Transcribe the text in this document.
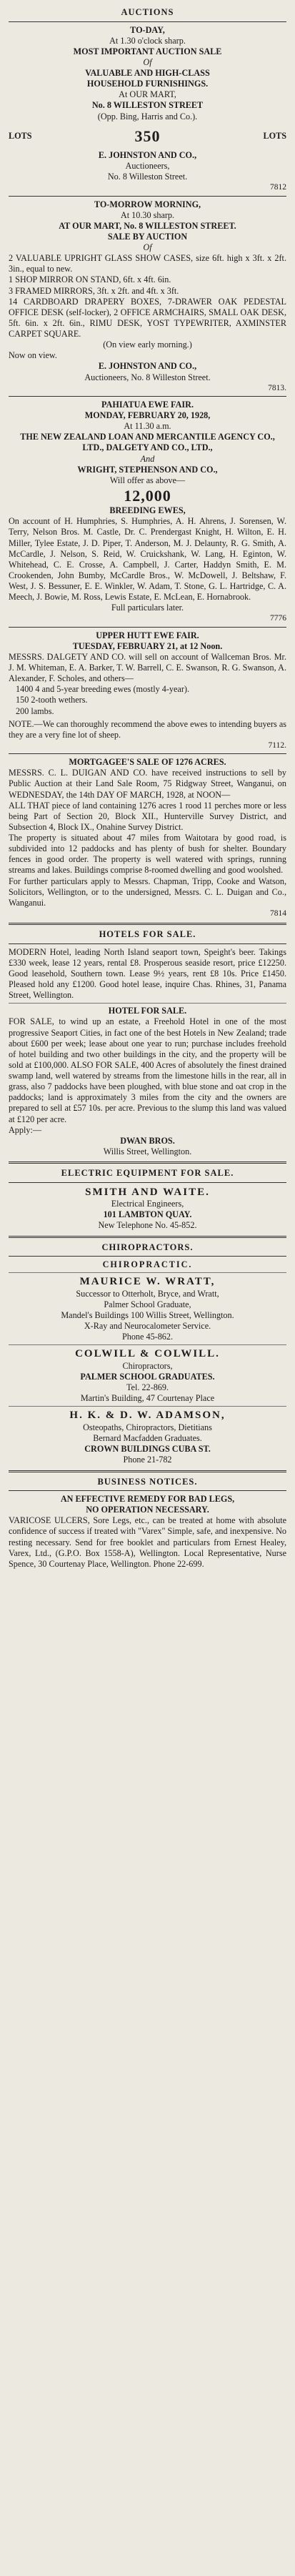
AUCTIONS
TO-DAY,
At 1.30 o'clock sharp.
MOST IMPORTANT AUCTION SALE
Of
VALUABLE AND HIGH-CLASS
HOUSEHOLD FURNISHINGS.
At OUR MART,
No. 8 WILLESTON STREET
(Opp. Bing, Harris and Co.).
LOTS	350	LOTS
E. JOHNSTON AND CO.,
Auctioneers,
No. 8 Willeston Street.
7812
TO-MORROW MORNING,
At 10.30 sharp.
AT OUR MART, No. 8 WILLESTON STREET.
SALE BY AUCTION
Of

2 VALUABLE UPRIGHT GLASS SHOW CASES, size 6ft. high x 3ft. x 2ft. 3in., equal to new.

1 SHOP MIRROR ON STAND, 6ft. x 4ft. 6in.

3 FRAMED MIRRORS, 3ft. x 2ft. and 4ft. x 3ft.

14 CARDBOARD DRAPERY BOXES, 7-DRAWER OAK PEDESTAL OFFICE DESK (self-locker), 2 OFFICE ARMCHAIRS, SMALL OAK DESK, 5ft. 6in. x 2ft. 6in., RIMU DESK, YOST TYPEWRITER, AXMINSTER CARPET SQUARE.

(On view early morning.)
Now on view.
E. JOHNSTON AND CO.,
Auctioneers, No. 8 Willeston Street.
7813.
PAHIATUA EWE FAIR.
MONDAY, FEBRUARY 20, 1928,
At 11.30 a.m.
THE NEW ZEALAND LOAN AND MERCANTILE AGENCY CO., LTD., DALGETY AND CO., LTD.,
And
WRIGHT, STEPHENSON AND CO.,
Will offer as above—
12,000
BREEDING EWES,

On account of H. Humphries, S. Humphries, A. H. Ahrens, J. Sorensen, W. Terry, Nelson Bros. M. Castle, Dr. C. Prendergast Knight, H. Wilton, E. H. Miller, Tylee Estate, J. D. Piper, T. Anderson, M. J. Delaunty, R. G. Smith, A. McCardle, J. Nelson, S. Reid, W. Cruickshank, W. Lang, H. Eginton, W. Whitehead, C. E. Crosse, A. Campbell, J. Carter, Haddyn Smith, E. M. Crookenden, John Bumby, McCardle Bros., W. McDowell, J. Beltshaw, F. West, J. S. Bessuner, E. E. Winkler, W. Adam, T. Stone, G. L. Hartridge, C. A. Meech, J. Bowie, M. Ross, Lewis Estate, E. McLean, E. Hornabrook.

Full particulars later.
7776
UPPER HUTT EWE FAIR.
TUESDAY, FEBRUARY 21, at 12 Noon.

MESSRS. DALGETY AND CO. will sell on account of Wallceman Bros. Mr. J. M. Whiteman, E. A. Barker, T. W. Barrell, C. E. Swanson, R. G. Swanson, A. Alexander, F. Scholes, and others—

1400 4 and 5-year breeding ewes (mostly 4-year).
150 2-tooth wethers.
200 lambs.

NOTE.—We can thoroughly recommend the above ewes to intending buyers as they are a very fine lot of sheep.

7112.
MORTGAGEE'S SALE OF 1276 ACRES.

MESSRS. C. L. DUIGAN AND CO. have received instructions to sell by Public Auction at their Land Sale Room, 75 Ridgway Street, Wanganui, on WEDNESDAY, the 14th DAY OF MARCH, 1928, at NOON—

ALL THAT piece of land containing 1276 acres 1 rood 11 perches more or less being Part of Section 20, Block XII., Hunterville Survey District, and Subsection 4, Block IX., Onahine Survey District.

The property is situated about 47 miles from Waitotara by good road, is subdivided into 12 paddocks and has plenty of bush for shelter. Boundary fences in good order. The property is well watered with springs, running streams and lakes. Buildings comprise 8-roomed dwelling and good woolshed.

For further particulars apply to Messrs. Chapman, Tripp, Cooke and Watson, Solicitors, Wellington, or to the undersigned, Messrs. C. L. Duigan and Co., Wanganui.

7814
HOTELS FOR SALE.

MODERN Hotel, leading North Island seaport town, Speight's beer. Takings £330 week, lease 12 years, rental £8. Prosperous seaside resort, price £12250. Good leasehold, Southern town. Lease 9½ years, rent £8 10s. Price £1450. Pleased hold any £1200. Good hotel lease, inquire Chas. Rhines, 31, Panama Street, Wellington.

HOTEL FOR SALE.

FOR SALE, to wind up an estate, a Freehold Hotel in one of the most progressive Seaport Cities, in fact one of the best Hotels in New Zealand; trade about £600 per week; lease about one year to run; purchase includes freehold of hotel building and two other buildings in the city, and the property will be sold at £100,000. ALSO FOR SALE, 400 Acres of absolutely the finest drained swamp land, well watered by streams from the limestone hills in the rear, all in grass, also 7 paddocks have been ploughed, with blue stone and oat crop in the paddocks; land is approximately 3 miles from the city and the owners are prepared to sell at £57 10s. per acre. Previous to the slump this land was valued at £120 per acre.

Apply:—
DWAN BROS.
Willis Street, Wellington.
ELECTRIC EQUIPMENT FOR SALE.
SMITH AND WAITE.
Electrical Engineers,
101 LAMBTON QUAY.
New Telephone No. 45-852.
CHIROPRACTORS.
CHIROPRACTIC.
MAURICE W. WRATT,
Successor to Otterholt, Bryce, and Wratt,
Palmer School Graduate,
Mandel's Buildings 100 Willis Street, Wellington.
X-Ray and Neurocalometer Service.
Phone 45-862.
COLWILL & COLWILL.
Chiropractors,
PALMER SCHOOL GRADUATES.
Tel. 22-869.
Martin's Building, 47 Courtenay Place
H. K. & D. W. ADAMSON,
Osteopaths, Chiropractors, Dietitians
Bernard Macfadden Graduates.
CROWN BUILDINGS CUBA ST.
Phone 21-782
BUSINESS NOTICES.
AN EFFECTIVE REMEDY FOR BAD LEGS,
NO OPERATION NECESSARY.

VARICOSE ULCERS, Sore Legs, etc., can be treated at home with absolute confidence of success if treated with "Varex" Simple, safe, and inexpensive. No resting necessary. Send for free booklet and particulars from Ernest Healey, Varex, Ltd., (G.P.O. Box 1558-A), Wellington. Local Representative, Nurse Spence, 30 Courtenay Place, Wellington. Phone 22-699.
